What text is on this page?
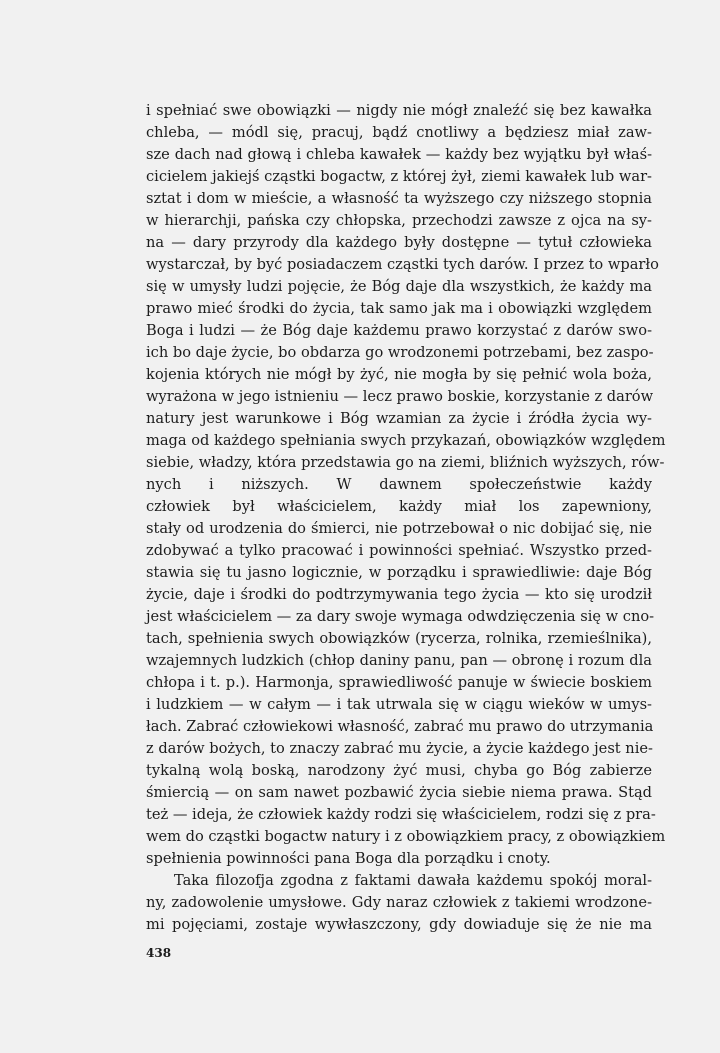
i spełniać swe obowiązki — nigdy nie mógł znaleźć się bez kawałka
chleba, — módl się, pracuj, bądź cnotliwy a będziesz miał zaw-
sze dach nad głową i chleba kawałek — każdy bez wyjątku był właś-
cicielem jakiejś cząstki bogactw, z której żył, ziemi kawałek lub war-
sztat i dom w mieście, a własność ta wyższego czy niższego stopnia
w hierarchji, pańska czy chłopska, przechodzi zawsze z ojca na sy-
na — dary przyrody dla każdego były dostępne — tytuł człowieka
wystarczał, by być posiadaczem cząstki tych darów. I przez to wparło
się w umysły ludzi pojęcie, że Bóg daje dla wszystkich, że każdy ma
prawo mieć środki do życia, tak samo jak ma i obowiązki względem
Boga i ludzi — że Bóg daje każdemu prawo korzystać z darów swo-
ich bo daje życie, bo obdarza go wrodzonemi potrzebami, bez zaspo-
kojenia których nie mógł by żyć, nie mogła by się pełnić wola boża,
wyrażona w jego istnieniu — lecz prawo boskie, korzystanie z darów
natury jest warunkowe i Bóg wzamian za życie i źródła życia wy-
maga od każdego spełniania swych przykazań, obowiązków względem
siebie, władzy, która przedstawia go na ziemi, bliźnich wyższych, rów-
nych i niższych. W dawnem społeczeństwie każdy
człowiek był właścicielem, każdy miał los zapewniony,
stały od urodzenia do śmierci, nie potrzebował o nic dobijać się, nie
zdobywać a tylko pracować i powinności spełniać. Wszystko przed-
stawia się tu jasno logicznie, w porządku i sprawiedliwie: daje Bóg
życie, daje i środki do podtrzymywania tego życia — kto się urodził
jest właścicielem — za dary swoje wymaga odwdzięczenia się w cno-
tach, spełnienia swych obowiązków (rycerza, rolnika, rzemieślnika),
wzajemnych ludzkich (chłop daniny panu, pan — obronę i rozum dla
chłopa i t. p.). Harmonja, sprawiedliwość panuje w świecie boskiem
i ludzkiem — w całym — i tak utrwala się w ciągu wieków w umys-
łach. Zabrać człowiekowi własność, zabrać mu prawo do utrzymania
z darów bożych, to znaczy zabrać mu życie, a życie każdego jest nie-
tykalną wolą boską, narodzony żyć musi, chyba go Bóg zabierze
śmiercią — on sam nawet pozbawić życia siebie niema prawa. Stąd
też — ideja, że człowiek każdy rodzi się właścicielem, rodzi się z pra-
wem do cząstki bogactw natury i z obowiązkiem pracy, z obowiązkiem
spełnienia powinności pana Boga dla porządku i cnoty.
Taka filozofja zgodna z faktami dawała każdemu spokój moral-
ny, zadowolenie umysłowe. Gdy naraz człowiek z takiemi wrodzone-
mi pojęciami, zostaje wywłaszczony, gdy dowiaduje się że nie ma
438
